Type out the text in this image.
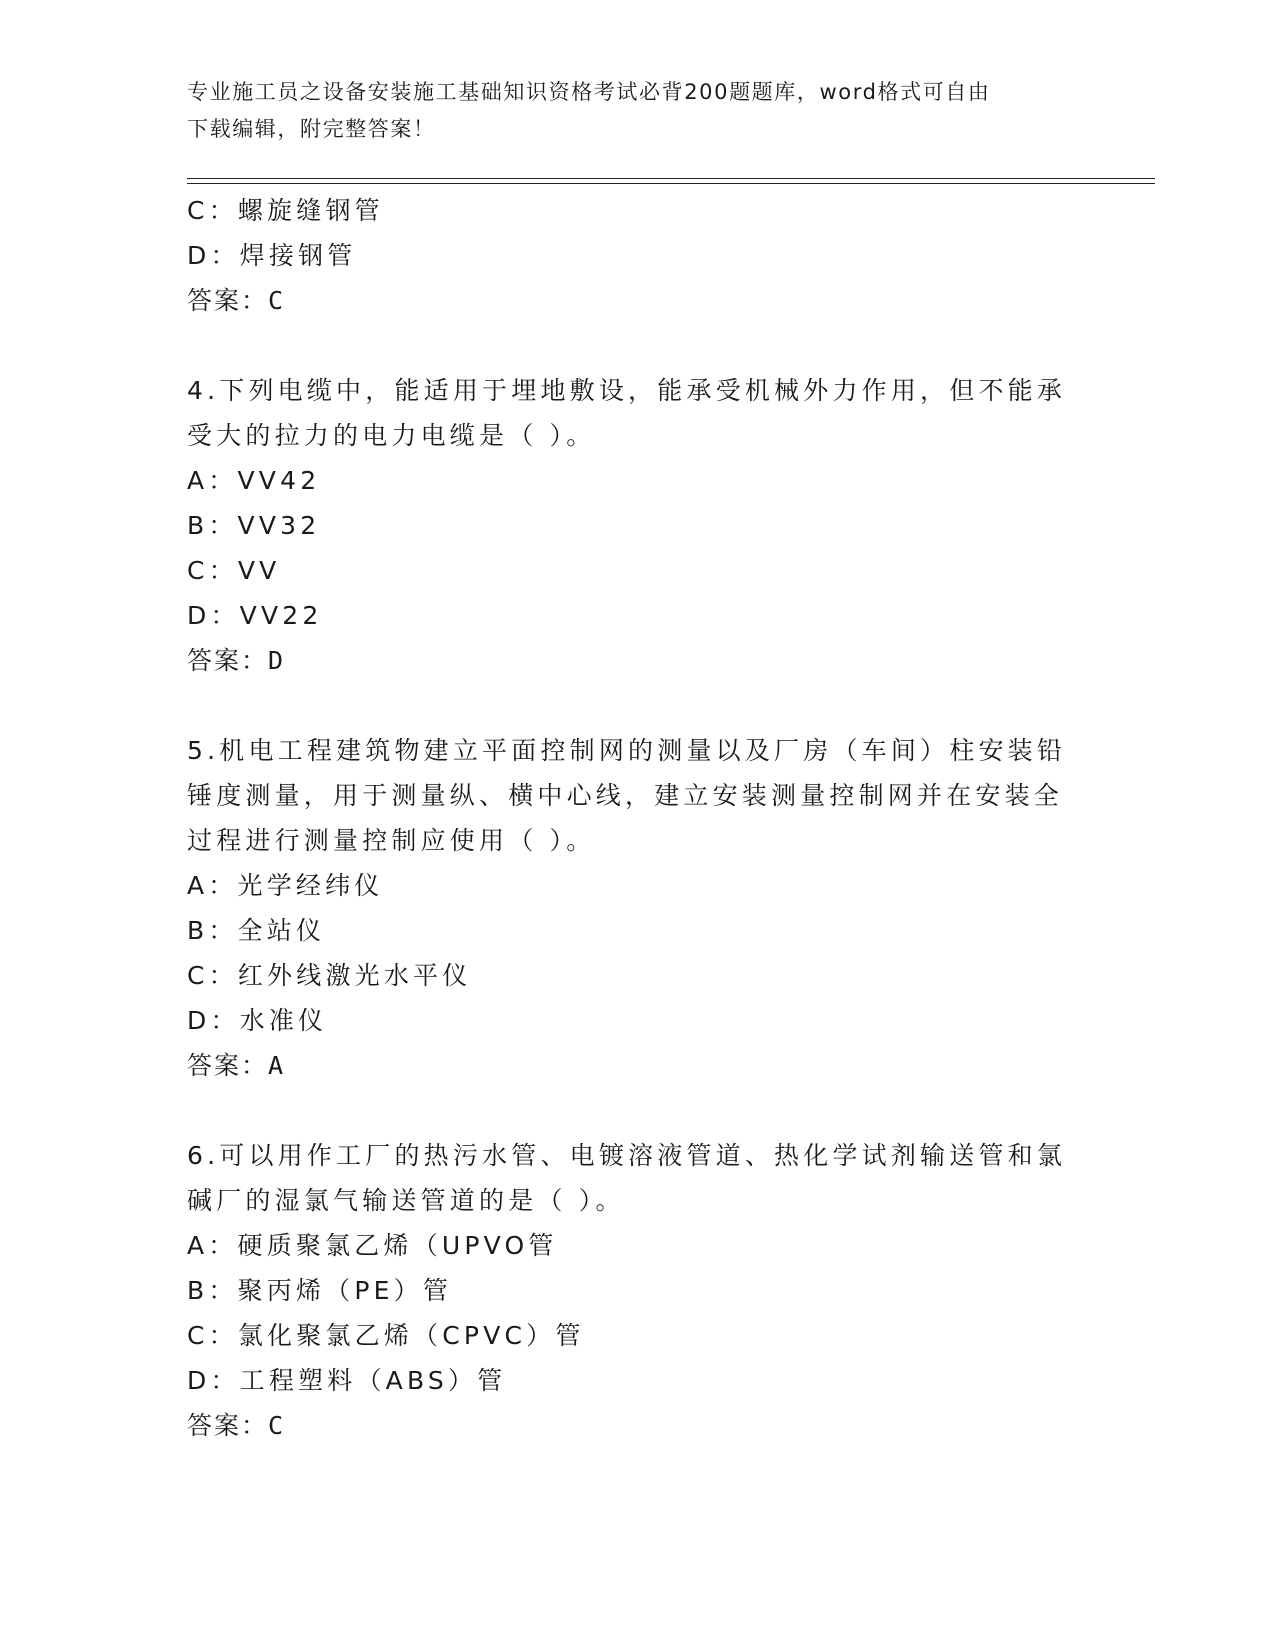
专业施工员之设备安装施工基础知识资格考试必背200题题库，word格式可自由
下载编辑，附完整答案！
C：螺旋缝钢管
D：焊接钢管
答案：C
4.下列电缆中，能适用于埋地敷设，能承受机械外力作用，但不能承
受大的拉力的电力电缆是（ ）。
A：VV42
B：VV32
C：VV
D：VV22
答案：D
5.机电工程建筑物建立平面控制网的测量以及厂房（车间）柱安装铅
锤度测量，用于测量纵、横中心线，建立安装测量控制网并在安装全
过程进行测量控制应使用（ ）。
A：光学经纬仪
B：全站仪
C：红外线激光水平仪
D：水准仪
答案：A
6.可以用作工厂的热污水管、电镀溶液管道、热化学试剂输送管和氯
碱厂的湿氯气输送管道的是（ ）。
A：硬质聚氯乙烯（UPVO管
B：聚丙烯（PE）管
C：氯化聚氯乙烯（CPVC）管
D：工程塑料（ABS）管
答案：C
